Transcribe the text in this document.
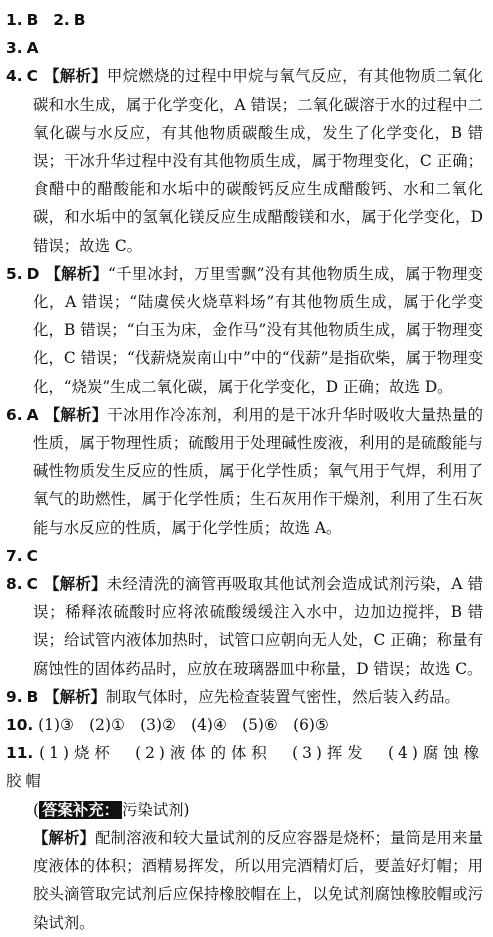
1. B 2. B

3. A

4. C 【解析】甲烷燃烧的过程中甲烷与氧气反应，有其他物质二氧化碳和水生成，属于化学变化，A 错误；二氧化碳溶于水的过程中二氧化碳与水反应，有其他物质碳酸生成，发生了化学变化，B 错误；干冰升华过程中没有其他物质生成，属于物理变化，C 正确；食醋中的醋酸能和水垢中的碳酸钙反应生成醋酸钙、水和二氧化碳，和水垢中的氢氧化镁反应生成醋酸镁和水，属于化学变化，D 错误；故选 C。

5. D 【解析】“千里冰封，万里雪飘”没有其他物质生成，属于物理变化，A 错误；“陆虞侯火烧草料场”有其他物质生成，属于化学变化，B 错误；“白玉为床，金作马”没有其他物质生成，属于物理变化，C 错误；“伐薪烧炭南山中”中的“伐薪”是指砍柴，属于物理变化，“烧炭”生成二氧化碳，属于化学变化，D 正确；故选 D。

6. A 【解析】干冰用作冷冻剂，利用的是干冰升华时吸收大量热量的性质，属于物理性质；硫酸用于处理碱性废液，利用的是硫酸能与碱性物质发生反应的性质，属于化学性质；氧气用于气焊，利用了氧气的助燃性，属于化学性质；生石灰用作干燥剂，利用了生石灰能与水反应的性质，属于化学性质；故选 A。

7. C

8. C 【解析】未经清洗的滴管再吸取其他试剂会造成试剂污染，A 错误；稀释浓硫酸时应将浓硫酸缓缓注入水中，边加边搅拌，B 错误；给试管内液体加热时，试管口应朝向无人处，C 正确；称量有腐蚀性的固体药品时，应放在玻璃器皿中称量，D 错误；故选 C。

9. B 【解析】制取气体时，应先检查装置气密性，然后装入药品。

10. (1)③　(2)①　(3)②　(4)④　(5)⑥　(6)⑤

11. (1)烧杯　(2)液体的体积　(3)挥发　(4)腐蚀橡胶帽

( 答案补充： 污染试剂)

【解析】配制溶液和较大量试剂的反应容器是烧杯；量筒是用来量度液体的体积；酒精易挥发，所以用完酒精灯后，要盖好灯帽；用胶头滴管取完试剂后应保持橡胶帽在上，以免试剂腐蚀橡胶帽或污染试剂。
